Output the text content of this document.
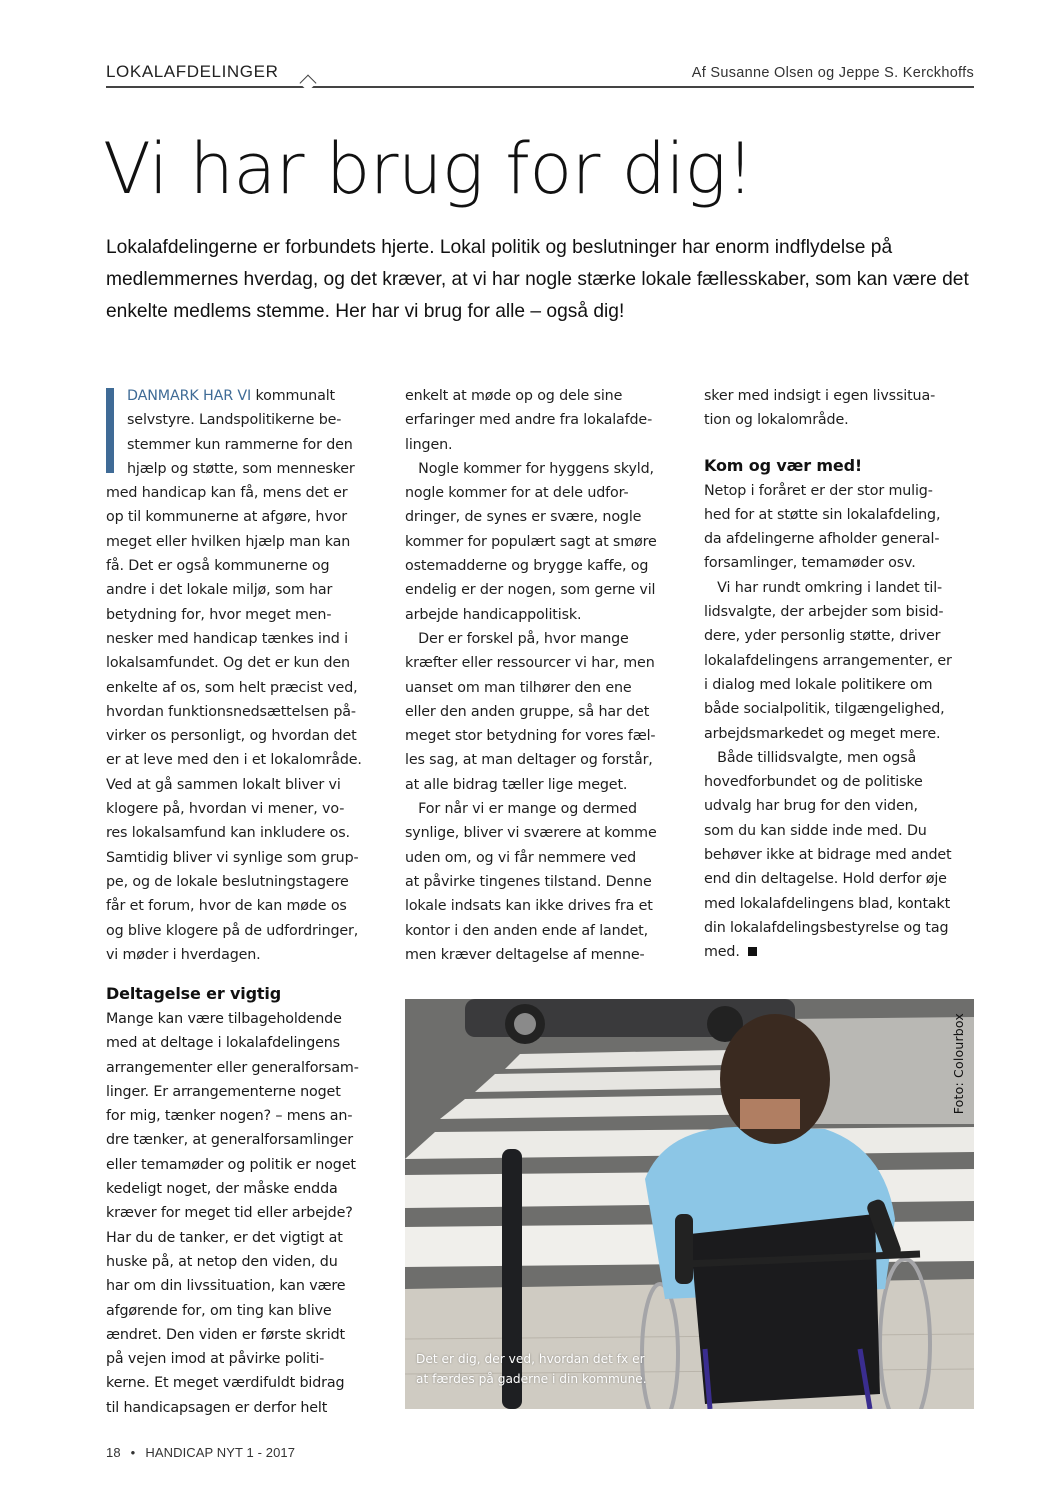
LOKALAFDELINGER	Af Susanne Olsen og Jeppe S. Kerckhoffs
Vi har brug for dig!

Lokalafdelingerne er forbundets hjerte. Lokal politik og beslutninger har enorm indflydelse på medlemmernes hverdag, og det kræver, at vi har nogle stærke lokale fællesskaber, som kan være det enkelte medlems stemme. Her har vi brug for alle – også dig!

DANMARK HAR VI kommunalt
selvstyre. Landspolitikerne be-
stemmer kun rammerne for den
hjælp og støtte, som mennesker
med handicap kan få, mens det er
op til kommunerne at afgøre, hvor
meget eller hvilken hjælp man kan
få. Det er også kommunerne og
andre i det lokale miljø, som har
betydning for, hvor meget men-
nesker med handicap tænkes ind i
lokalsamfundet. Og det er kun den
enkelte af os, som helt præcist ved,
hvordan funktionsnedsættelsen på-
virker os personligt, og hvordan det
er at leve med den i et lokalområde.
Ved at gå sammen lokalt bliver vi
klogere på, hvordan vi mener, vo-
res lokalsamfund kan inkludere os.
Samtidig bliver vi synlige som grup-
pe, og de lokale beslutningstagere
får et forum, hvor de kan møde os
og blive klogere på de udfordringer,
vi møder i hverdagen.
Deltagelse er vigtig
Mange kan være tilbageholdende
med at deltage i lokalafdelingens
arrangementer eller generalforsam-
linger. Er arrangementerne noget
for mig, tænker nogen? – mens an-
dre tænker, at generalforsamlinger
eller temamøder og politik er noget
kedeligt noget, der måske endda
kræver for meget tid eller arbejde?
Har du de tanker, er det vigtigt at
huske på, at netop den viden, du
har om din livssituation, kan være
afgørende for, om ting kan blive
ændret. Den viden er første skridt
på vejen imod at påvirke politi-
kerne. Et meget værdifuldt bidrag
til handicapsagen er derfor helt
enkelt at møde op og dele sine
erfaringer med andre fra lokalafde-
lingen.
Nogle kommer for hyggens skyld,
nogle kommer for at dele udfor-
dringer, de synes er svære, nogle
kommer for populært sagt at smøre
ostemadderne og brygge kaffe, og
endelig er der nogen, som gerne vil
arbejde handicappolitisk.
Der er forskel på, hvor mange
kræfter eller ressourcer vi har, men
uanset om man tilhører den ene
eller den anden gruppe, så har det
meget stor betydning for vores fæl-
les sag, at man deltager og forstår,
at alle bidrag tæller lige meget.
For når vi er mange og dermed
synlige, bliver vi sværere at komme
uden om, og vi får nemmere ved
at påvirke tingenes tilstand. Denne
lokale indsats kan ikke drives fra et
kontor i den anden ende af landet,
men kræver deltagelse af menne-
sker med indsigt i egen livssitua-
tion og lokalområde.
Kom og vær med!
Netop i foråret er der stor mulig-
hed for at støtte sin lokalafdeling,
da afdelingerne afholder general-
forsamlinger, temamøder osv.
Vi har rundt omkring i landet til-
lidsvalgte, der arbejder som bisid-
dere, yder personlig støtte, driver
lokalafdelingens arrangementer, er
i dialog med lokale politikere om
både socialpolitik, tilgængelighed,
arbejdsmarkedet og meget mere.
Både tillidsvalgte, men også
hovedforbundet og de politiske
udvalg har brug for den viden,
som du kan sidde inde med. Du
behøver ikke at bidrage med andet
end din deltagelse. Hold derfor øje
med lokalafdelingens blad, kontakt
din lokalafdelingsbestyrelse og tag
med.
Foto: Colourbox
Det er dig, der ved, hvordan det fx er
at færdes på gaderne i din kommune.
18 • HANDICAP NYT 1 - 2017
